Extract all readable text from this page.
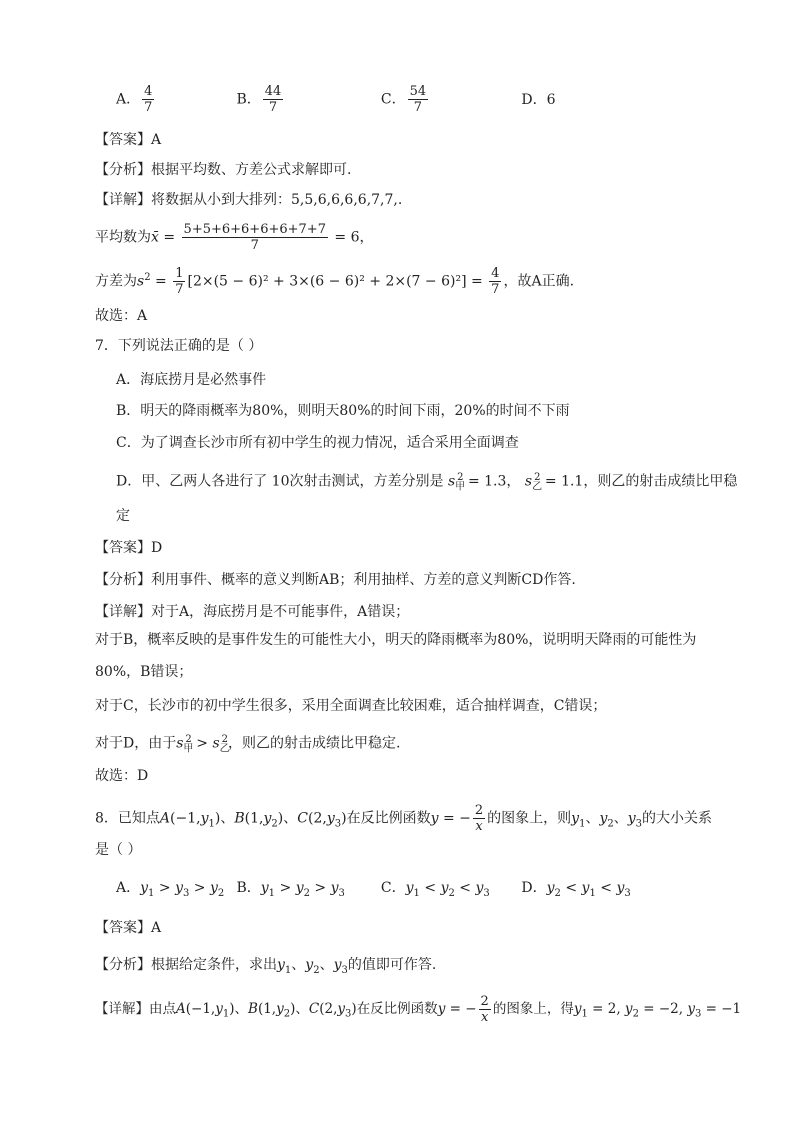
A． $\frac{4}{7}$	B． $\frac{44}{7}$	C． $\frac{54}{7}$	D．6
【答案】A
【分析】根据平均数、方差公式求解即可.
【详解】将数据从小到大排列：5,5,6,6,6,6,7,7,.
平均数为x̄ = $\frac{5+5+6+6+6+6+7+7}{7} = 6$，
方差为$s^2 = \frac{1}{7} [2\times(5 - 6)^2 + 3\times(6 - 6)^2 + 2\times(7 - 6)^2] = \frac{4}{7}$ ，故A正确.
故选：A
7．下列说法正确的是（ ）
A．海底捞月是必然事件
B．明天的降雨概率为80%，则明天80%的时间下雨，20%的时间不下雨
C．为了调查长沙市所有初中学生的视力情况，适合采用全面调查
D．甲、乙两人各进行了 10次射击测试，方差分别是 $s_甲^2 = 1.3$， $s_乙^2 = 1.1$，则乙的射击成绩比甲稳
定
【答案】D
【分析】利用事件、概率的意义判断AB；利用抽样、方差的意义判断CD作答.
【详解】对于A，海底捞月是不可能事件，A错误；
对于B，概率反映的是事件发生的可能性大小，明天的降雨概率为80%，说明明天降雨的可能性为
80%，B错误；
对于C，长沙市的初中学生很多，采用全面调查比较困难，适合抽样调查，C错误；
对于D，由于$s_甲^2 > s_乙^2$，则乙的射击成绩比甲稳定.
故选：D
8．已知点$A(-1,y_1)$、$B(1,y_2)$、$C(2,y_3)$在反比例函数y = − $\frac{2}{x}$ 的图象上，则$y_1$、$y_2$、$y_3$的大小关系
是（ ）
A．$y_1 > y_3 > y_2$ B．$y_1 > y_2 > y_3$	C．$y_1 < y_2 < y_3$ D．$y_2 < y_1 < y_3$
【答案】A
【分析】根据给定条件，求出$y_1$、$y_2$、$y_3$的值即可作答.
【详解】由点$A(-1,y_1)$、$B(1,y_2)$、$C(2,y_3)$在反比例函数y = − $\frac{2}{x}$ 的图象上，得$y_1 = 2$, $y_2 = -2$, $y_3 = -1$
